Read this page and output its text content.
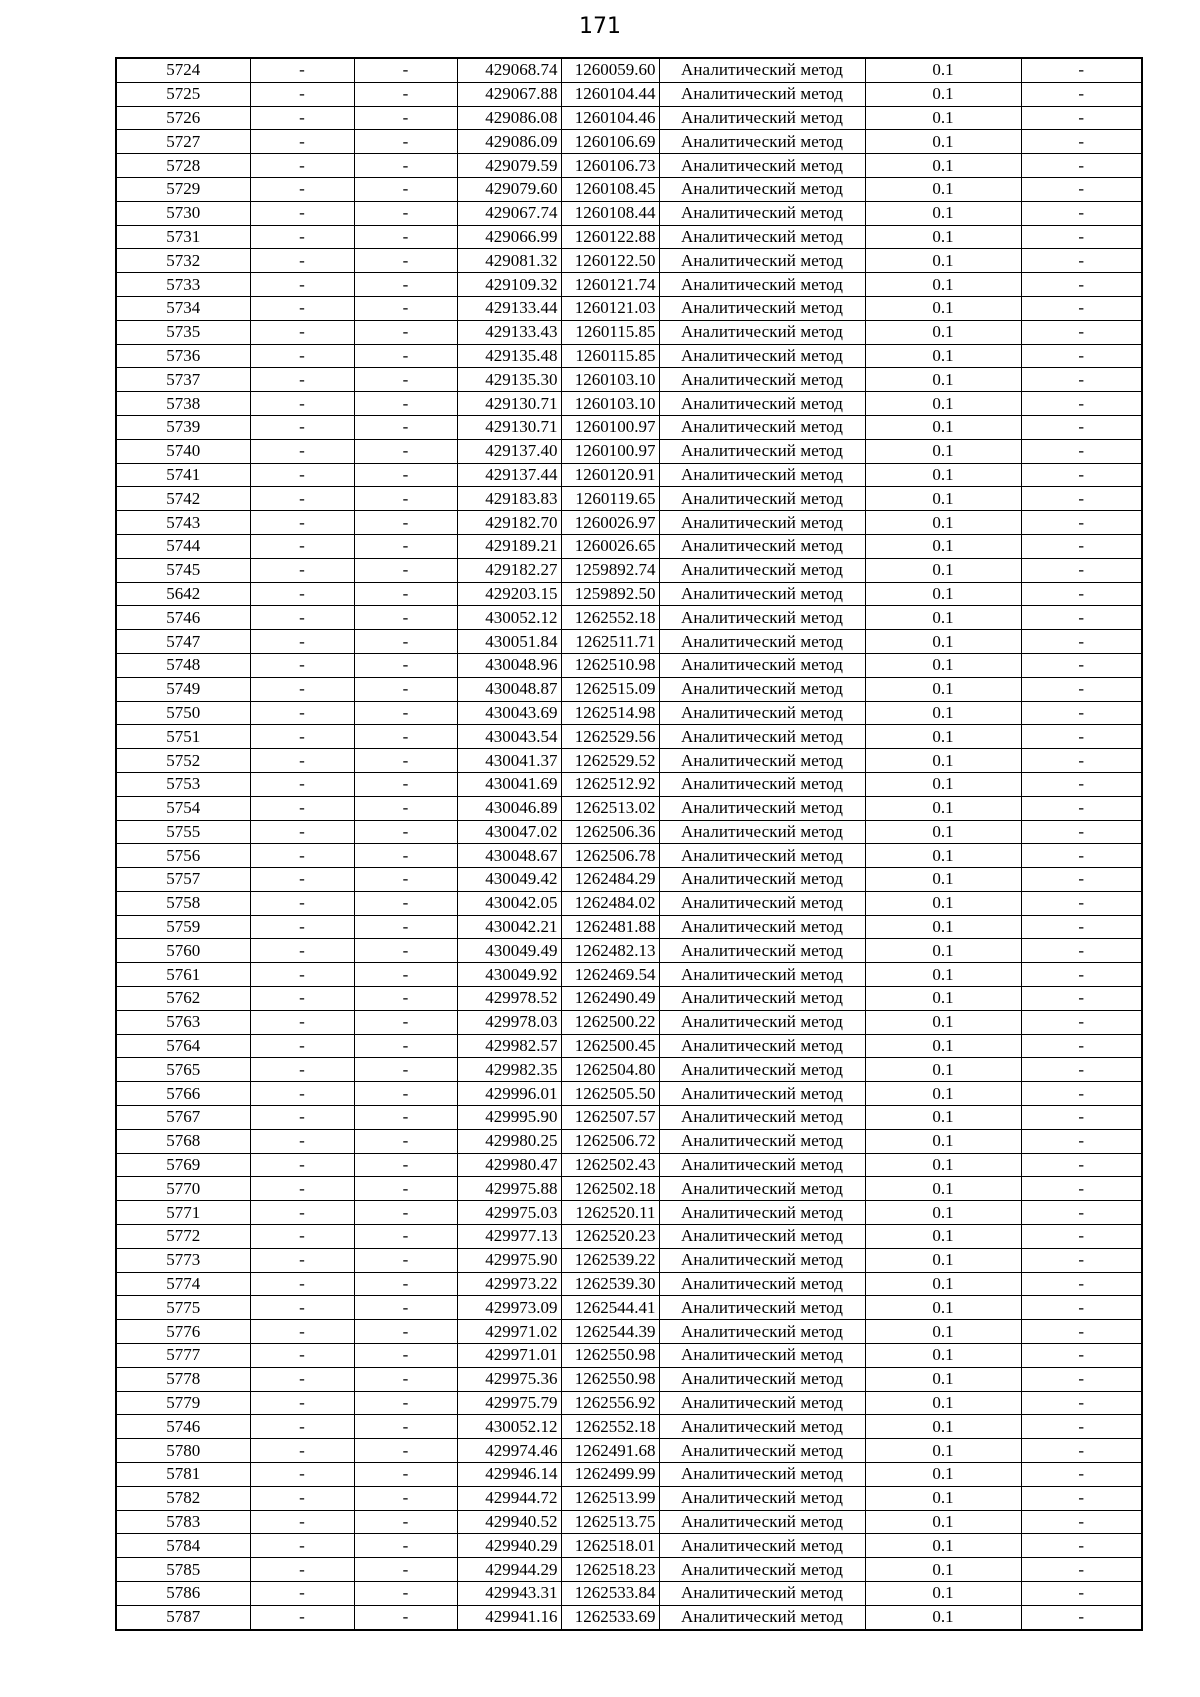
171
5724	-	-	429068.74	1260059.60	Аналитический метод	0.1	-
5725	-	-	429067.88	1260104.44	Аналитический метод	0.1	-
5726	-	-	429086.08	1260104.46	Аналитический метод	0.1	-
5727	-	-	429086.09	1260106.69	Аналитический метод	0.1	-
5728	-	-	429079.59	1260106.73	Аналитический метод	0.1	-
5729	-	-	429079.60	1260108.45	Аналитический метод	0.1	-
5730	-	-	429067.74	1260108.44	Аналитический метод	0.1	-
5731	-	-	429066.99	1260122.88	Аналитический метод	0.1	-
5732	-	-	429081.32	1260122.50	Аналитический метод	0.1	-
5733	-	-	429109.32	1260121.74	Аналитический метод	0.1	-
5734	-	-	429133.44	1260121.03	Аналитический метод	0.1	-
5735	-	-	429133.43	1260115.85	Аналитический метод	0.1	-
5736	-	-	429135.48	1260115.85	Аналитический метод	0.1	-
5737	-	-	429135.30	1260103.10	Аналитический метод	0.1	-
5738	-	-	429130.71	1260103.10	Аналитический метод	0.1	-
5739	-	-	429130.71	1260100.97	Аналитический метод	0.1	-
5740	-	-	429137.40	1260100.97	Аналитический метод	0.1	-
5741	-	-	429137.44	1260120.91	Аналитический метод	0.1	-
5742	-	-	429183.83	1260119.65	Аналитический метод	0.1	-
5743	-	-	429182.70	1260026.97	Аналитический метод	0.1	-
5744	-	-	429189.21	1260026.65	Аналитический метод	0.1	-
5745	-	-	429182.27	1259892.74	Аналитический метод	0.1	-
5642	-	-	429203.15	1259892.50	Аналитический метод	0.1	-
5746	-	-	430052.12	1262552.18	Аналитический метод	0.1	-
5747	-	-	430051.84	1262511.71	Аналитический метод	0.1	-
5748	-	-	430048.96	1262510.98	Аналитический метод	0.1	-
5749	-	-	430048.87	1262515.09	Аналитический метод	0.1	-
5750	-	-	430043.69	1262514.98	Аналитический метод	0.1	-
5751	-	-	430043.54	1262529.56	Аналитический метод	0.1	-
5752	-	-	430041.37	1262529.52	Аналитический метод	0.1	-
5753	-	-	430041.69	1262512.92	Аналитический метод	0.1	-
5754	-	-	430046.89	1262513.02	Аналитический метод	0.1	-
5755	-	-	430047.02	1262506.36	Аналитический метод	0.1	-
5756	-	-	430048.67	1262506.78	Аналитический метод	0.1	-
5757	-	-	430049.42	1262484.29	Аналитический метод	0.1	-
5758	-	-	430042.05	1262484.02	Аналитический метод	0.1	-
5759	-	-	430042.21	1262481.88	Аналитический метод	0.1	-
5760	-	-	430049.49	1262482.13	Аналитический метод	0.1	-
5761	-	-	430049.92	1262469.54	Аналитический метод	0.1	-
5762	-	-	429978.52	1262490.49	Аналитический метод	0.1	-
5763	-	-	429978.03	1262500.22	Аналитический метод	0.1	-
5764	-	-	429982.57	1262500.45	Аналитический метод	0.1	-
5765	-	-	429982.35	1262504.80	Аналитический метод	0.1	-
5766	-	-	429996.01	1262505.50	Аналитический метод	0.1	-
5767	-	-	429995.90	1262507.57	Аналитический метод	0.1	-
5768	-	-	429980.25	1262506.72	Аналитический метод	0.1	-
5769	-	-	429980.47	1262502.43	Аналитический метод	0.1	-
5770	-	-	429975.88	1262502.18	Аналитический метод	0.1	-
5771	-	-	429975.03	1262520.11	Аналитический метод	0.1	-
5772	-	-	429977.13	1262520.23	Аналитический метод	0.1	-
5773	-	-	429975.90	1262539.22	Аналитический метод	0.1	-
5774	-	-	429973.22	1262539.30	Аналитический метод	0.1	-
5775	-	-	429973.09	1262544.41	Аналитический метод	0.1	-
5776	-	-	429971.02	1262544.39	Аналитический метод	0.1	-
5777	-	-	429971.01	1262550.98	Аналитический метод	0.1	-
5778	-	-	429975.36	1262550.98	Аналитический метод	0.1	-
5779	-	-	429975.79	1262556.92	Аналитический метод	0.1	-
5746	-	-	430052.12	1262552.18	Аналитический метод	0.1	-
5780	-	-	429974.46	1262491.68	Аналитический метод	0.1	-
5781	-	-	429946.14	1262499.99	Аналитический метод	0.1	-
5782	-	-	429944.72	1262513.99	Аналитический метод	0.1	-
5783	-	-	429940.52	1262513.75	Аналитический метод	0.1	-
5784	-	-	429940.29	1262518.01	Аналитический метод	0.1	-
5785	-	-	429944.29	1262518.23	Аналитический метод	0.1	-
5786	-	-	429943.31	1262533.84	Аналитический метод	0.1	-
5787	-	-	429941.16	1262533.69	Аналитический метод	0.1	-
